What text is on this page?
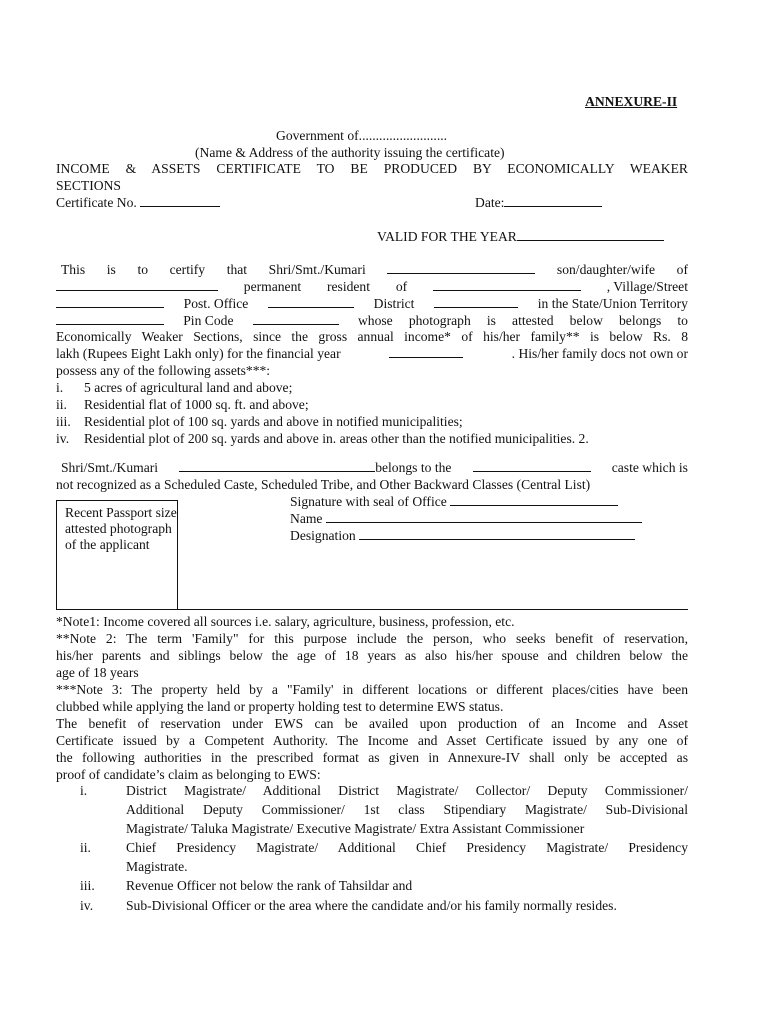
ANNEXURE-II
Government of..........................
(Name & Address of the authority issuing the certificate)
INCOME & ASSETS CERTIFICATE TO BE PRODUCED BY ECONOMICALLY WEAKER
SECTIONS
Certificate No.	Date:
VALID FOR THE YEAR
This is to certify that Shri/Smt./Kumari	son/daughter/wife of
permanent resident of	, Village/Street
Post. Office	District	in the State/Union Territory
Pin Code	whose photograph is attested below belongs to
Economically Weaker Sections, since the gross annual income* of his/her family** is below Rs. 8
lakh (Rupees Eight Lakh only) for the financial year	. His/her family docs not own or
possess any of the following assets***:
i. 5 acres of agricultural land and above;
ii. Residential flat of 1000 sq. ft. and above;
iii. Residential plot of 100 sq. yards and above in notified municipalities;
iv. Residential plot of 200 sq. yards and above in. areas other than the notified municipalities. 2.
Shri/Smt./Kumari	belongs to the	caste which is
not recognized as a Scheduled Caste, Scheduled Tribe, and Other Backward Classes (Central List)
Signature with seal of Office
Name
Designation
Recent Passport size attested photograph of the applicant
*Note1: Income covered all sources i.e. salary, agriculture, business, profession, etc.
**Note 2: The term 'Family" for this purpose include the person, who seeks benefit of reservation,
his/her parents and siblings below the age of 18 years as also his/her spouse and children below the
age of 18 years
***Note 3: The property held by a "Family' in different locations or different places/cities have been
clubbed while applying the land or property holding test to determine EWS status.
The benefit of reservation under EWS can be availed upon production of an Income and Asset
Certificate issued by a Competent Authority. The Income and Asset Certificate issued by any one of
the following authorities in the prescribed format as given in Annexure-IV shall only be accepted as
proof of candidate’s claim as belonging to EWS:
i.	District Magistrate/ Additional District Magistrate/ Collector/ Deputy Commissioner/
Additional Deputy Commissioner/ 1st class Stipendiary Magistrate/ Sub-Divisional
Magistrate/ Taluka Magistrate/ Executive Magistrate/ Extra Assistant Commissioner
ii.	Chief Presidency Magistrate/ Additional Chief Presidency Magistrate/ Presidency
Magistrate.
iii. Revenue Officer not below the rank of Tahsildar and
iv. Sub-Divisional Officer or the area where the candidate and/or his family normally resides.
